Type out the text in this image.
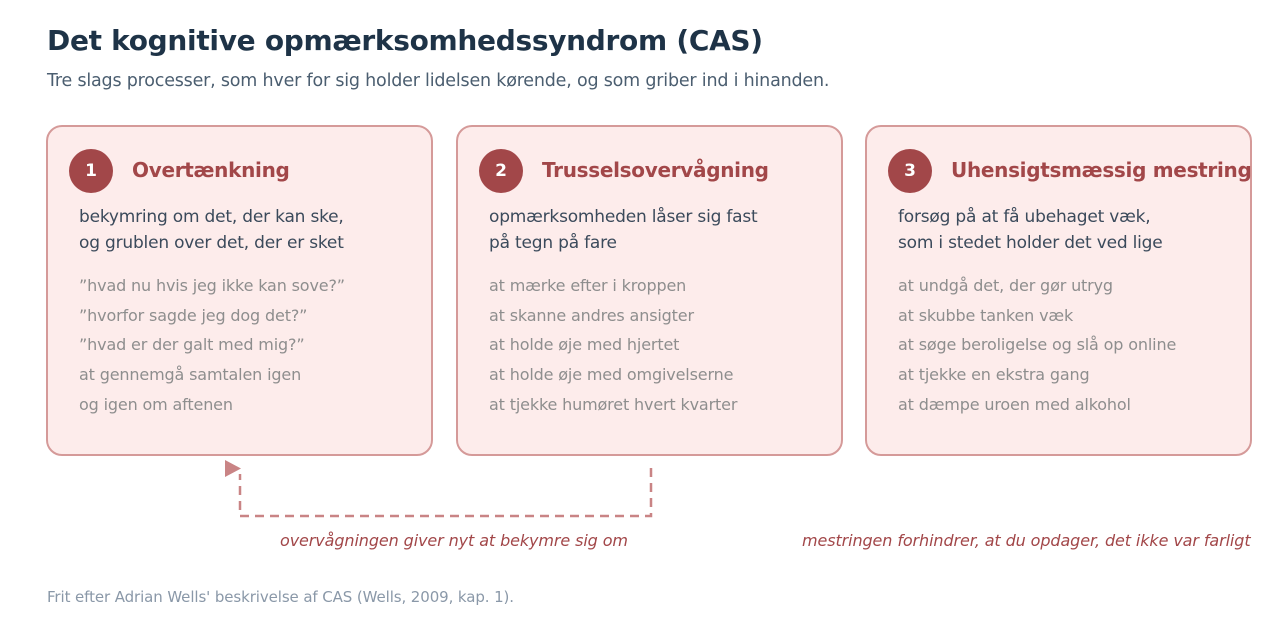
Det kognitive opmærksomhedssyndrom (CAS)
Tre slags processer, som hver for sig holder lidelsen kørende, og som griber ind i hinanden.
1	Overtænkning
bekymring om det, der kan ske,
og grublen over det, der er sket
”hvad nu hvis jeg ikke kan sove?”
”hvorfor sagde jeg dog det?”
”hvad er der galt med mig?”
at gennemgå samtalen igen
og igen om aftenen
2	Trusselsovervågning
opmærksomheden låser sig fast
på tegn på fare
at mærke efter i kroppen
at skanne andres ansigter
at holde øje med hjertet
at holde øje med omgivelserne
at tjekke humøret hvert kvarter
3	Uhensigtsmæssig mestring
forsøg på at få ubehaget væk,
som i stedet holder det ved lige
at undgå det, der gør utryg
at skubbe tanken væk
at søge beroligelse og slå op online
at tjekke en ekstra gang
at dæmpe uroen med alkohol
overvågningen giver nyt at bekymre sig om	mestringen forhindrer, at du opdager, det ikke var farligt
Frit efter Adrian Wells' beskrivelse af CAS (Wells, 2009, kap. 1).
